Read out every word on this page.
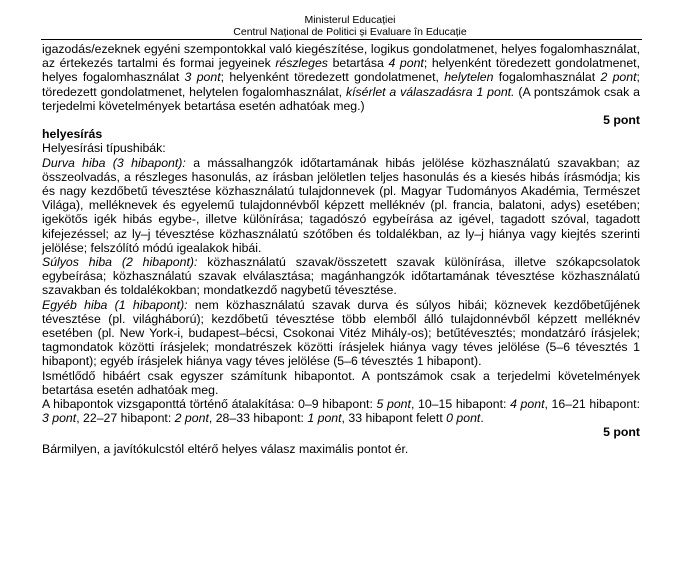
Ministerul Educației
Centrul Național de Politici și Evaluare în Educație

igazodás/ezeknek egyéni szempontokkal való kiegészítése, logikus gondolatmenet, helyes fogalomhasználat, az értekezés tartalmi és formai jegyeinek részleges betartása 4 pont; helyenként töredezett gondolatmenet, helyes fogalomhasználat 3 pont; helyenként töredezett gondolatmenet, helytelen fogalomhasználat 2 pont; töredezett gondolatmenet, helytelen fogalomhasználat, kísérlet a válaszadásra 1 pont. (A pontszámok csak a terjedelmi követelmények betartása esetén adhatóak meg.)

5 pont

helyesírás

Helyesírási típushibák:

Durva hiba (3 hibapont): a mássalhangzók időtartamának hibás jelölése közhasználatú szavakban; az összeolvadás, a részleges hasonulás, az írásban jelöletlen teljes hasonulás és a kiesés hibás írásmódja; kis és nagy kezdőbetű tévesztése közhasználatú tulajdonnevek (pl. Magyar Tudományos Akadémia, Természet Világa), melléknevek és egyelemű tulajdonnévből képzett melléknév (pl. francia, balatoni, adys) esetében; igekötős igék hibás egybe-, illetve különírása; tagadószó egybeírása az igével, tagadott szóval, tagadott kifejezéssel; az ly–j tévesztése közhasználatú szótőben és toldalékban, az ly–j hiánya vagy kiejtés szerinti jelölése; felszólító módú igealakok hibái.

Súlyos hiba (2 hibapont): közhasználatú szavak/összetett szavak különírása, illetve szókapcsolatok egybeírása; közhasználatú szavak elválasztása; magánhangzók időtartamának tévesztése közhasználatú szavakban és toldalékokban; mondatkezdő nagybetű tévesztése.

Egyéb hiba (1 hibapont): nem közhasználatú szavak durva és súlyos hibái; köznevek kezdőbetűjének tévesztése (pl. világháború); kezdőbetű tévesztése több elemből álló tulajdonnévből képzett melléknév esetében (pl. New York-i, budapest–bécsi, Csokonai Vitéz Mihály-os); betűtévesztés; mondatzáró írásjelek; tagmondatok közötti írásjelek; mondatrészek közötti írásjelek hiánya vagy téves jelölése (5–6 tévesztés 1 hibapont); egyéb írásjelek hiánya vagy téves jelölése (5–6 tévesztés 1 hibapont).

Ismétlődő hibáért csak egyszer számítunk hibapontot. A pontszámok csak a terjedelmi követelmények betartása esetén adhatóak meg.

A hibapontok vizsgaponttá történő átalakítása: 0–9 hibapont: 5 pont, 10–15 hibapont: 4 pont, 16–21 hibapont: 3 pont, 22–27 hibapont: 2 pont, 28–33 hibapont: 1 pont, 33 hibapont felett 0 pont.

5 pont

Bármilyen, a javítókulcstól eltérő helyes válasz maximális pontot ér.
